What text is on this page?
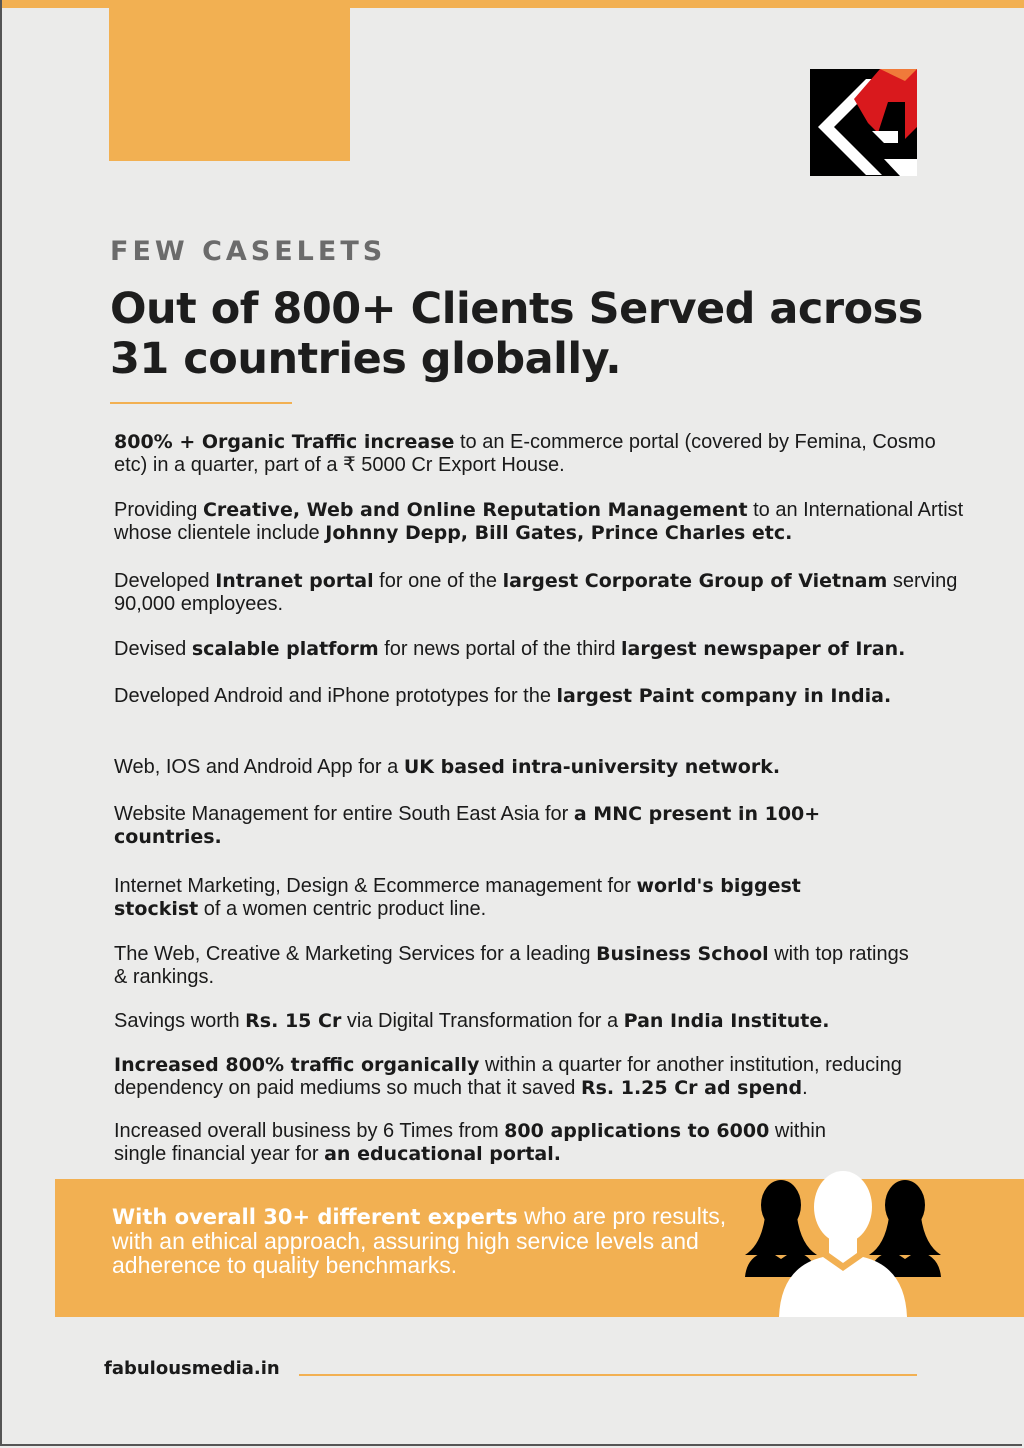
FEW CASELETS
Out of 800+ Clients Served across
31 countries globally.
800% + Organic Traffic increase to an E-commerce portal (covered by Femina, Cosmo etc) in a quarter, part of a ₹ 5000 Cr Export House.
Providing Creative, Web and Online Reputation Management to an International Artist whose clientele include Johnny Depp, Bill Gates, Prince Charles etc.
Developed Intranet portal for one of the largest Corporate Group of Vietnam serving 90,000 employees.
Devised scalable platform for news portal of the third largest newspaper of Iran.
Developed Android and iPhone prototypes for the largest Paint company in India.
Web, IOS and Android App for a UK based intra-university network.
Website Management for entire South East Asia for a MNC present in 100+ countries.
Internet Marketing, Design & Ecommerce management for world's biggest stockist of a women centric product line.
The Web, Creative & Marketing Services for a leading Business School with top ratings & rankings.
Savings worth Rs. 15 Cr via Digital Transformation for a Pan India Institute.
Increased 800% traffic organically within a quarter for another institution, reducing dependency on paid mediums so much that it saved Rs. 1.25 Cr ad spend.
Increased overall business by 6 Times from 800 applications to 6000 within single financial year for an educational portal.
With overall 30+ different experts who are pro results, with an ethical approach, assuring high service levels and adherence to quality benchmarks.
fabulousmedia.in
